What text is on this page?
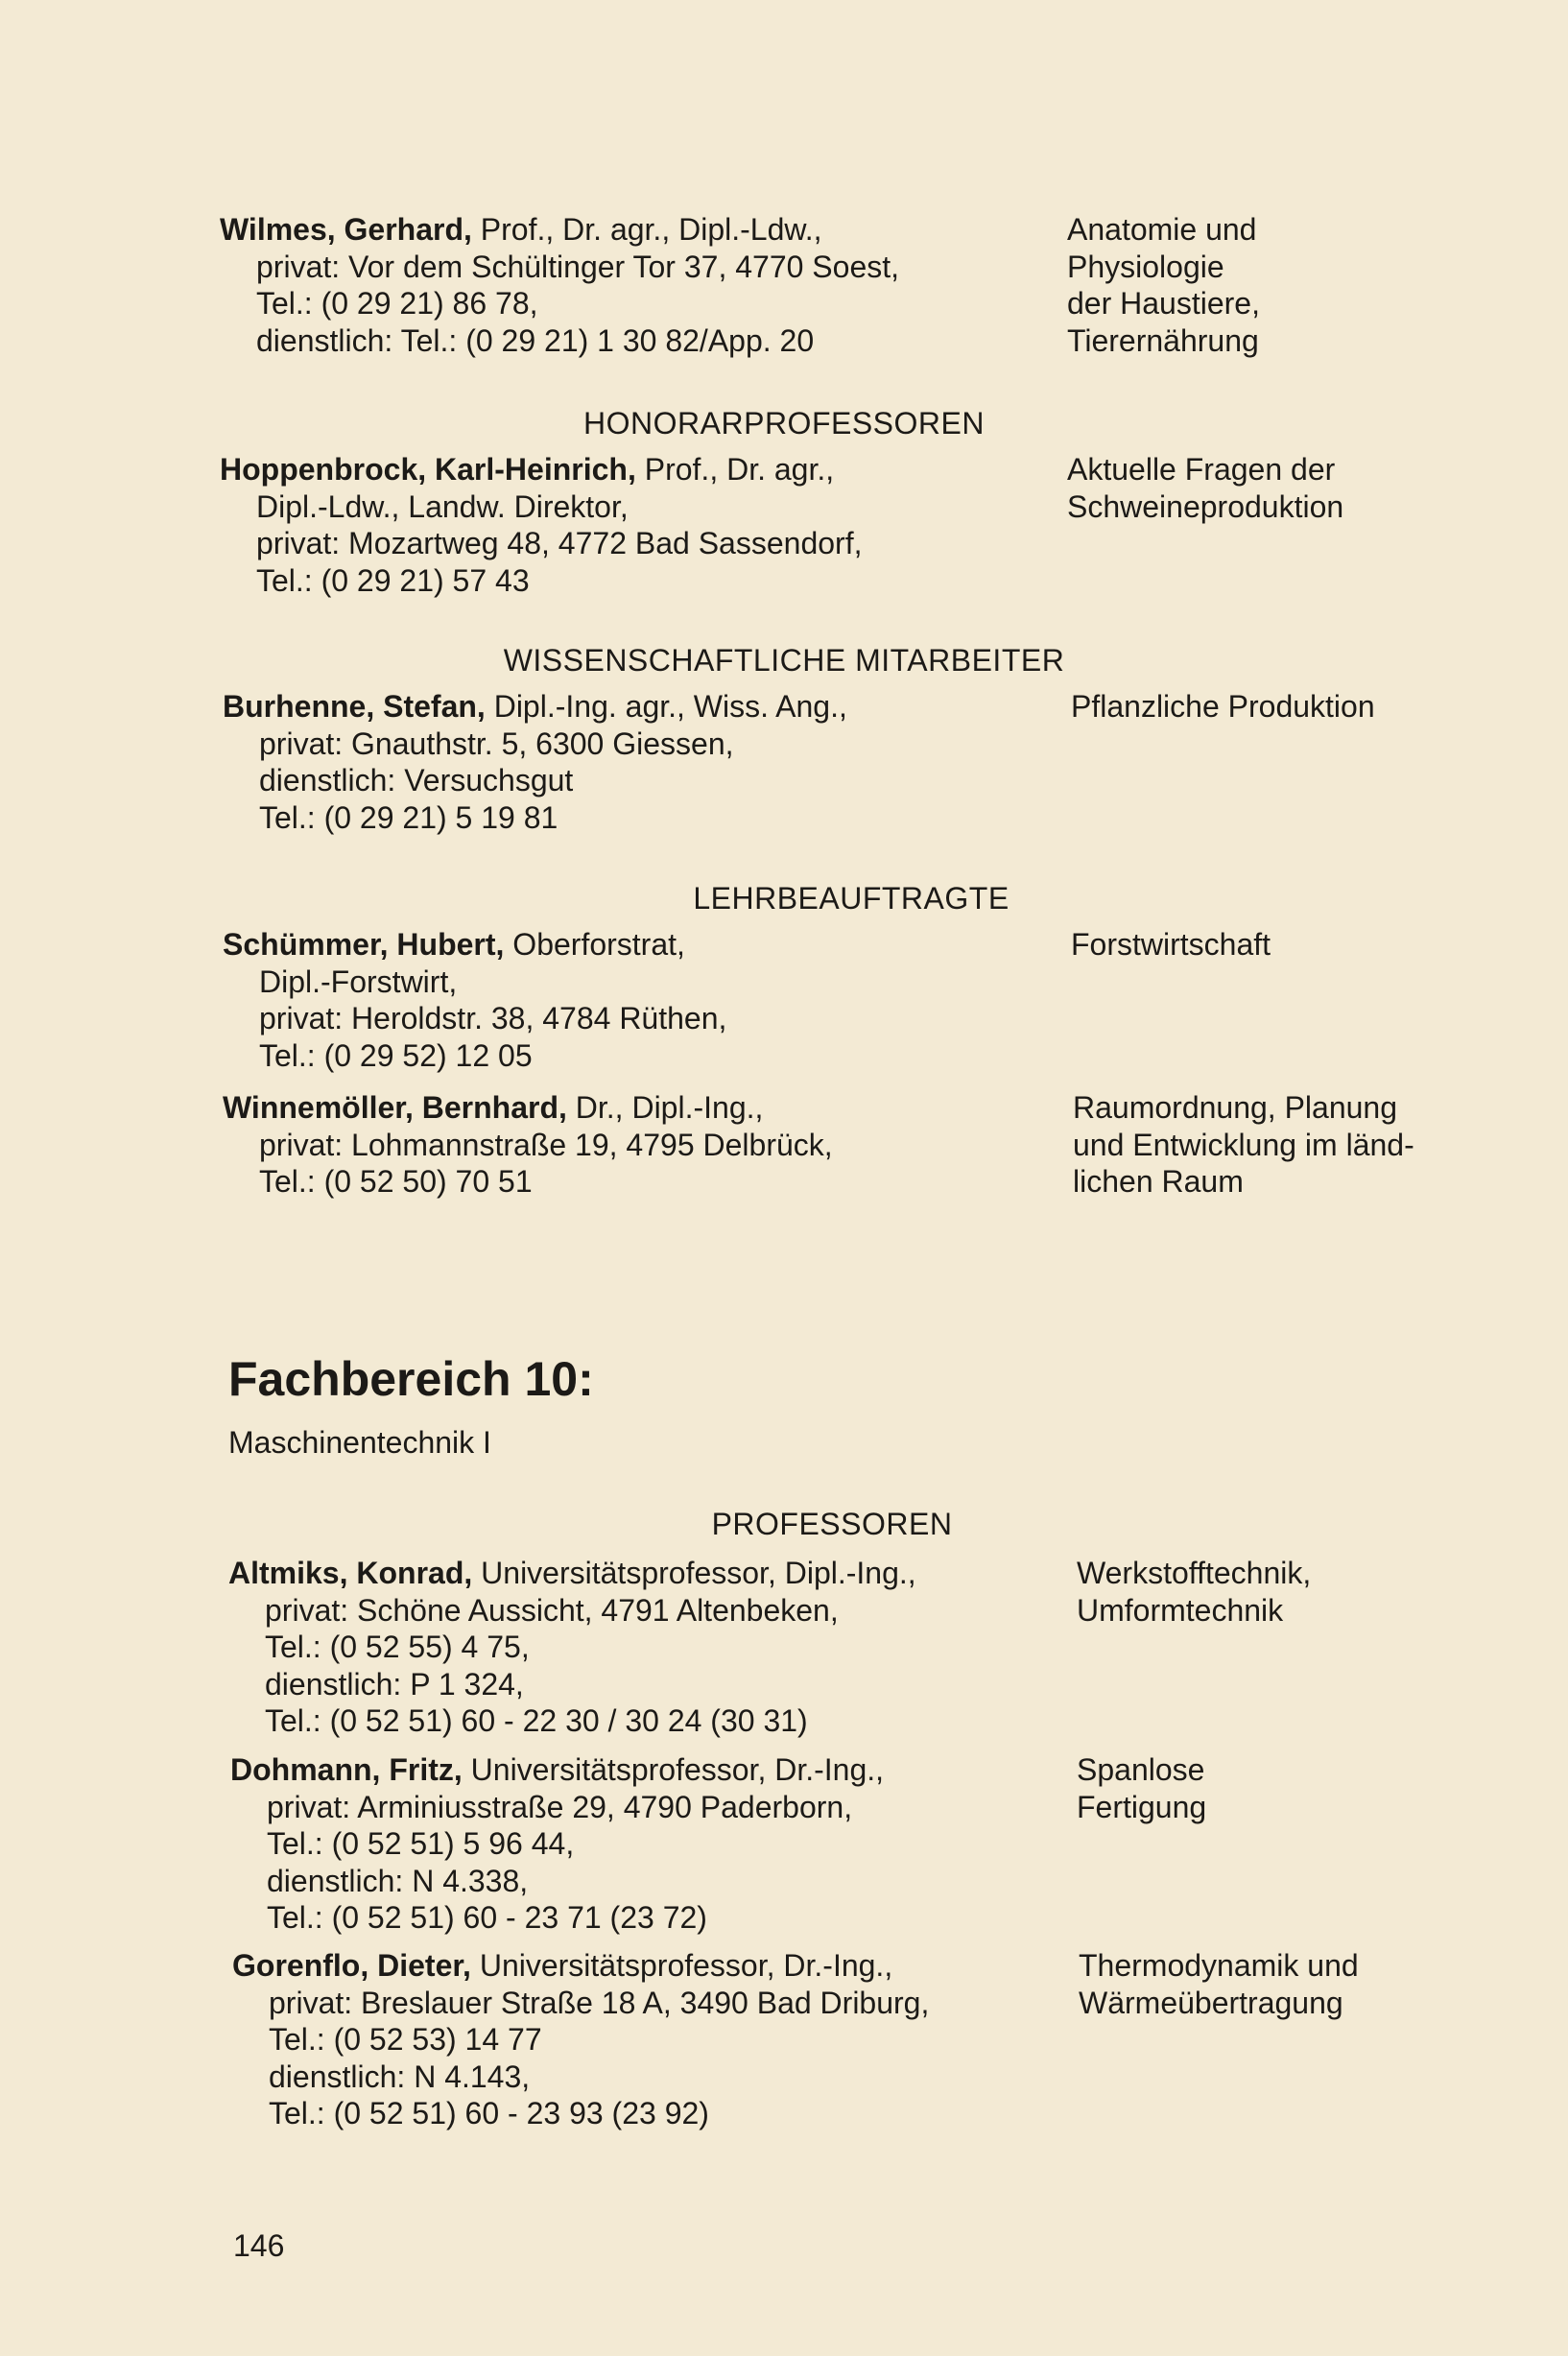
Wilmes, Gerhard, Prof., Dr. agr., Dipl.-Ldw.,
privat: Vor dem Schültinger Tor 37, 4770 Soest,
Tel.: (0 29 21) 86 78,
dienstlich: Tel.: (0 29 21) 1 30 82/App. 20
Anatomie und
Physiologie
der Haustiere,
Tierernährung
HONORARPROFESSOREN
Hoppenbrock, Karl-Heinrich, Prof., Dr. agr.,
Dipl.-Ldw., Landw. Direktor,
privat: Mozartweg 48, 4772 Bad Sassendorf,
Tel.: (0 29 21) 57 43
Aktuelle Fragen der
Schweineproduktion
WISSENSCHAFTLICHE MITARBEITER
Burhenne, Stefan, Dipl.-Ing. agr., Wiss. Ang.,
privat: Gnauthstr. 5, 6300 Giessen,
dienstlich: Versuchsgut
Tel.: (0 29 21) 5 19 81
Pflanzliche Produktion
LEHRBEAUFTRAGTE
Schümmer, Hubert, Oberforstrat,
Dipl.-Forstwirt,
privat: Heroldstr. 38, 4784 Rüthen,
Tel.: (0 29 52) 12 05
Forstwirtschaft
Winnemöller, Bernhard, Dr., Dipl.-Ing.,
privat: Lohmannstraße 19, 4795 Delbrück,
Tel.: (0 52 50) 70 51
Raumordnung, Planung
und Entwicklung im länd-
lichen Raum
Fachbereich 10:
Maschinentechnik I
PROFESSOREN
Altmiks, Konrad, Universitätsprofessor, Dipl.-Ing.,
privat: Schöne Aussicht, 4791 Altenbeken,
Tel.: (0 52 55) 4 75,
dienstlich: P 1 324,
Tel.: (0 52 51) 60 - 22 30 / 30 24 (30 31)
Werkstofftechnik,
Umformtechnik
Dohmann, Fritz, Universitätsprofessor, Dr.-Ing.,
privat: Arminiusstraße 29, 4790 Paderborn,
Tel.: (0 52 51) 5 96 44,
dienstlich: N 4.338,
Tel.: (0 52 51) 60 - 23 71 (23 72)
Spanlose
Fertigung
Gorenflo, Dieter, Universitätsprofessor, Dr.-Ing.,
privat: Breslauer Straße 18 A, 3490 Bad Driburg,
Tel.: (0 52 53) 14 77
dienstlich: N 4.143,
Tel.: (0 52 51) 60 - 23 93 (23 92)
Thermodynamik und
Wärmeübertragung
146
